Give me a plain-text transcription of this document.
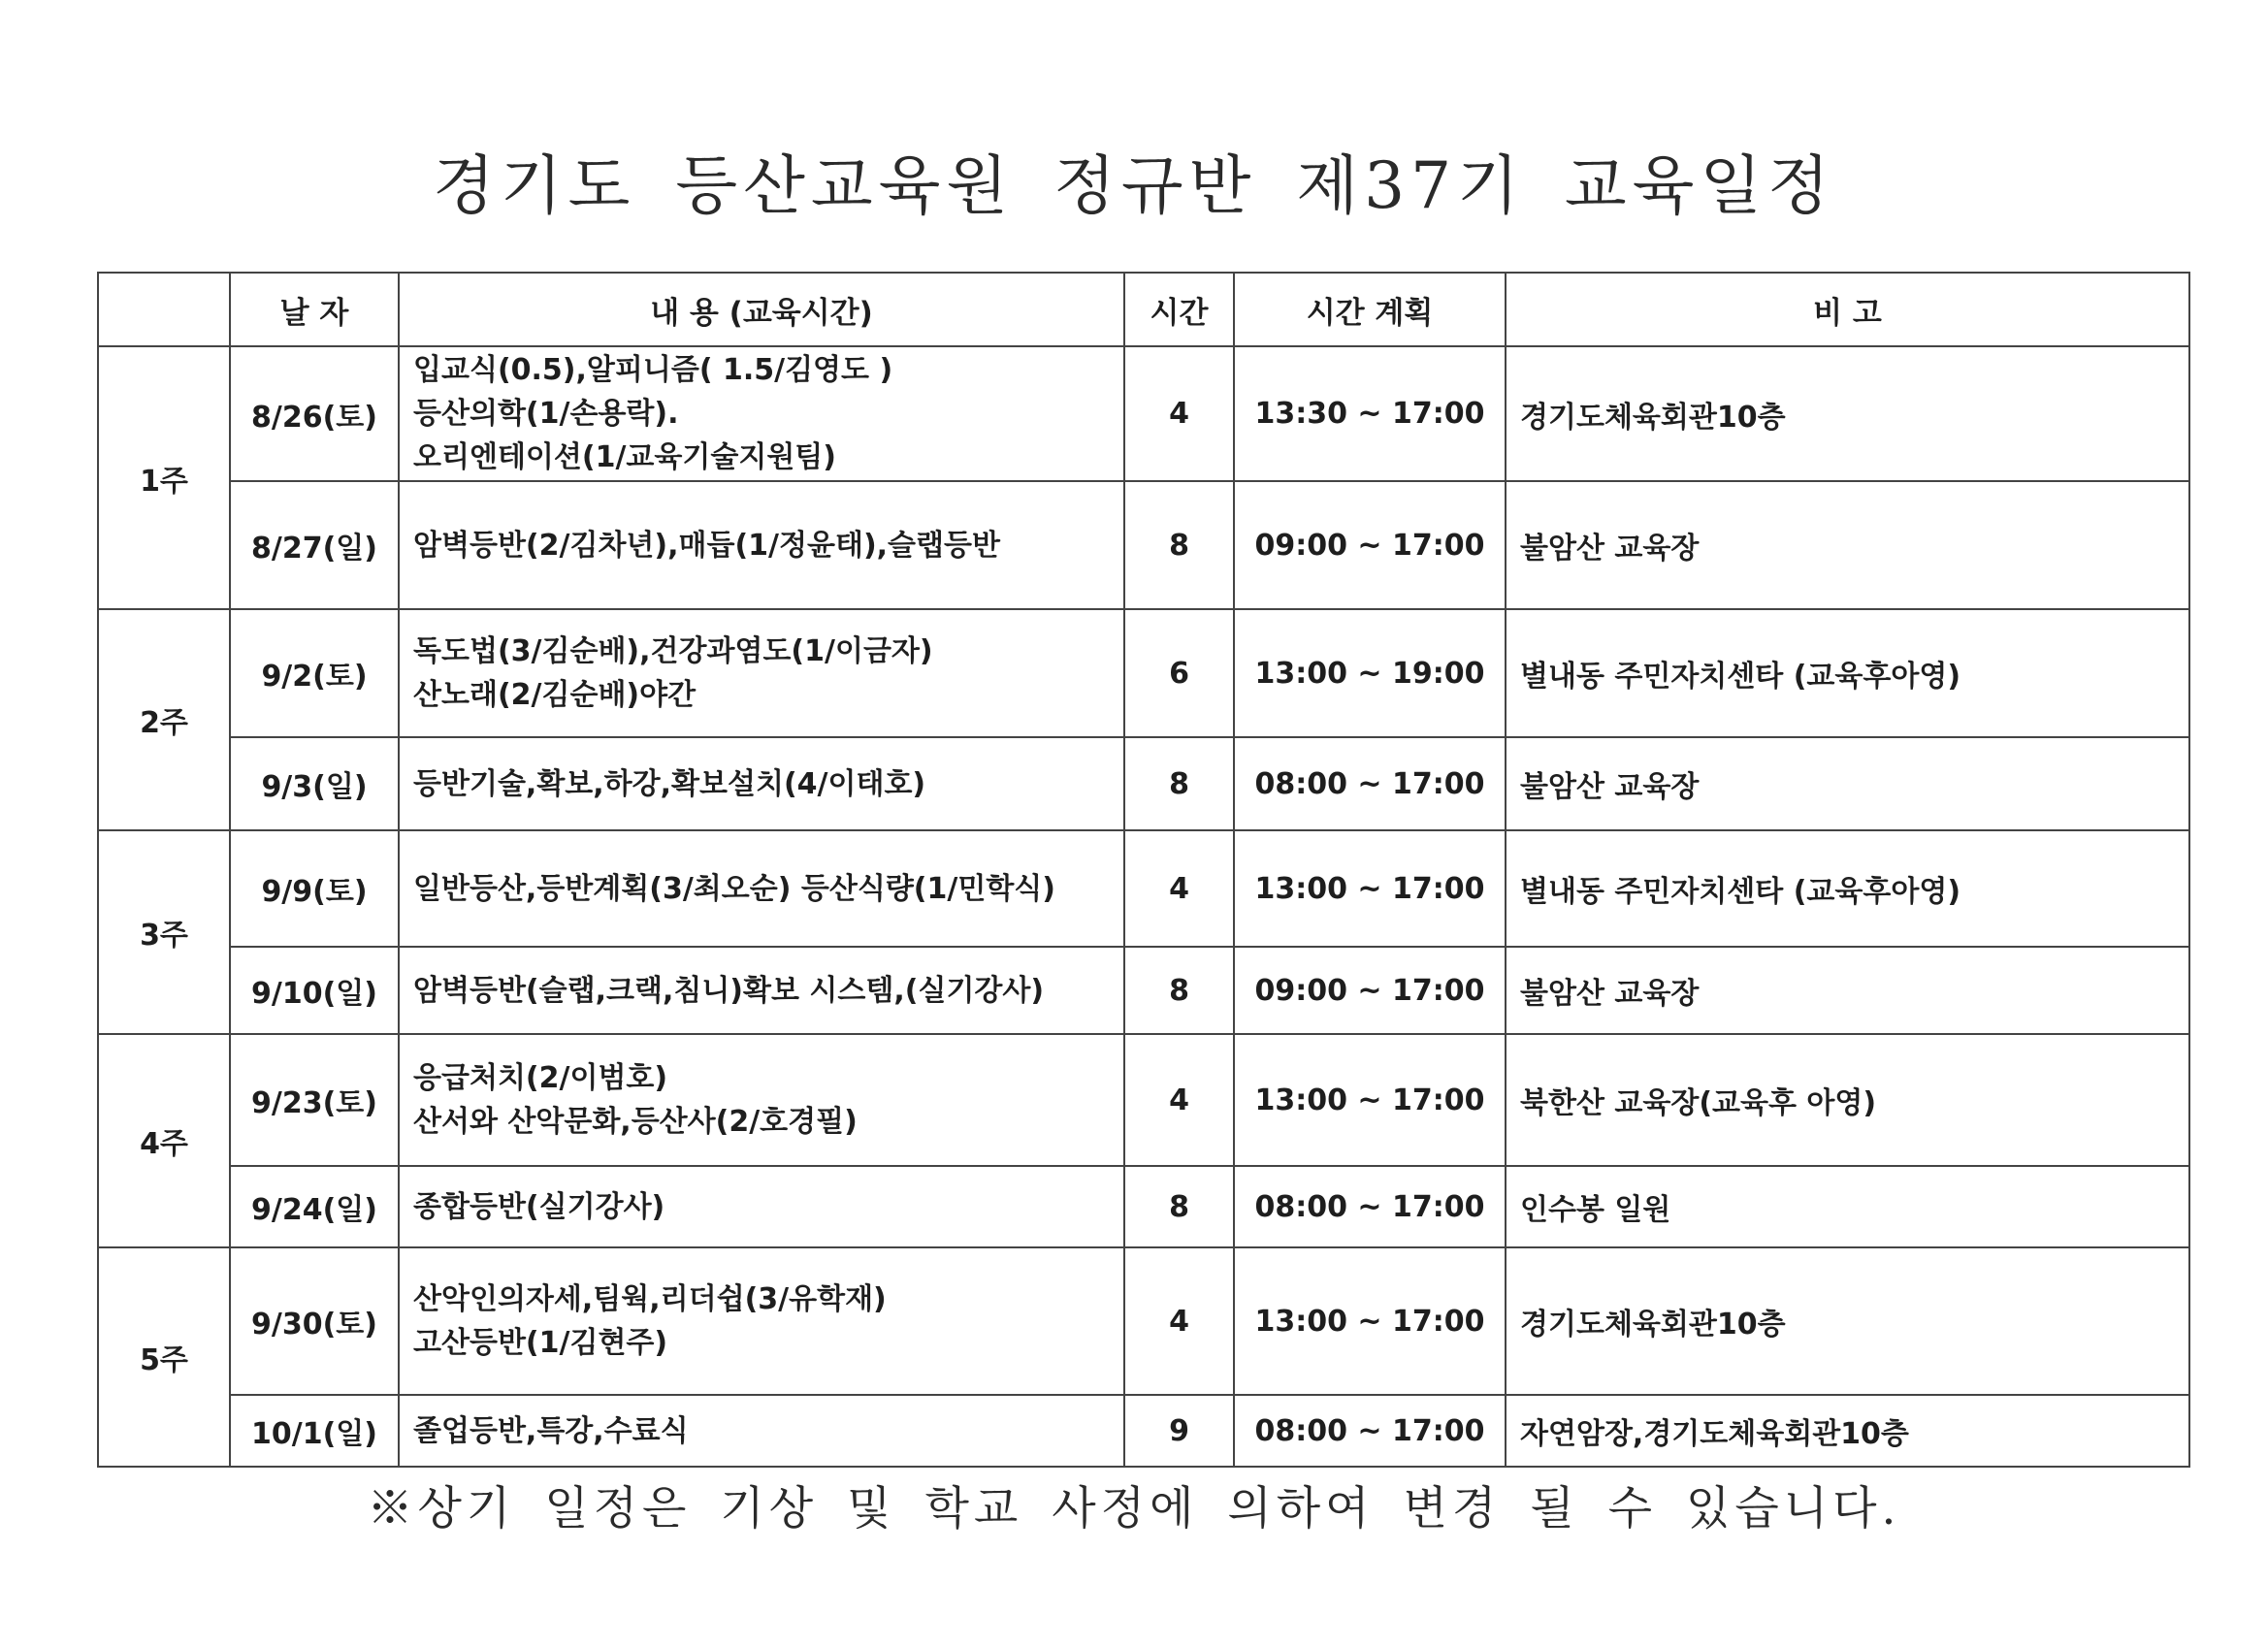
경기도 등산교육원 정규반 제37기 교육일정
	날 자	내 용 (교육시간)	시간	시간 계획	비 고
1주	8/26(토)	입교식(0.5),알피니즘( 1.5/김영도 )
등산의학(1/손용락).
오리엔테이션(1/교육기술지원팀)	4	13:30 ~ 17:00	경기도체육회관10층
	8/27(일)	암벽등반(2/김차년),매듭(1/정윤태),슬랩등반	8	09:00 ~ 17:00	불암산 교육장
2주	9/2(토)	독도법(3/김순배),건강과염도(1/이금자)
산노래(2/김순배)야간	6	13:00 ~ 19:00	별내동 주민자치센타 (교육후아영)
	9/3(일)	등반기술,확보,하강,확보설치(4/이태호)	8	08:00 ~ 17:00	불암산 교육장
3주	9/9(토)	일반등산,등반계획(3/최오순) 등산식량(1/민학식)	4	13:00 ~ 17:00	별내동 주민자치센타 (교육후아영)
	9/10(일)	암벽등반(슬랩,크랙,침니)확보 시스템,(실기강사)	8	09:00 ~ 17:00	불암산 교육장
4주	9/23(토)	응급처치(2/이범호)
산서와 산악문화,등산사(2/호경필)	4	13:00 ~ 17:00	북한산 교육장(교육후 아영)
	9/24(일)	종합등반(실기강사)	8	08:00 ~ 17:00	인수봉 일원
5주	9/30(토)	산악인의자세,팀웍,리더쉽(3/유학재)
고산등반(1/김현주)	4	13:00 ~ 17:00	경기도체육회관10층
	10/1(일)	졸업등반,특강,수료식	9	08:00 ~ 17:00	자연암장,경기도체육회관10층
※상기 일정은 기상 및 학교 사정에 의하여 변경 될 수 있습니다.
